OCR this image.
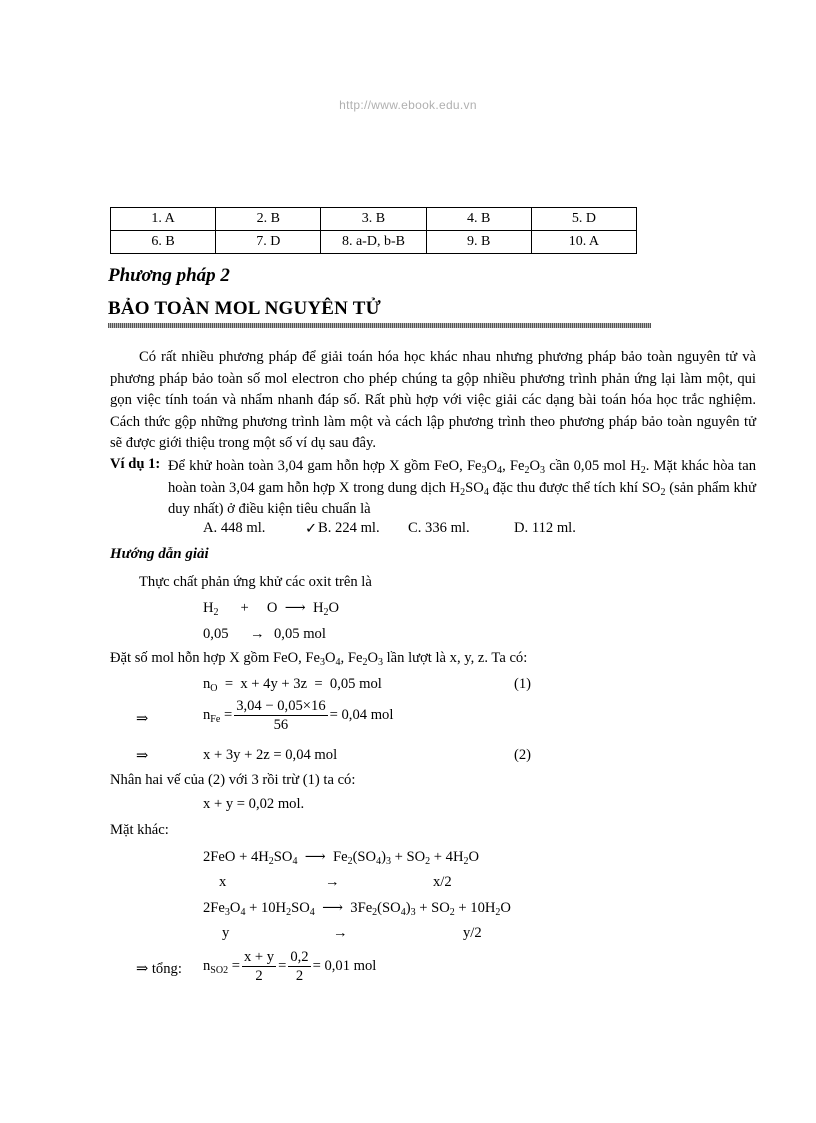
http://www.ebook.edu.vn
1. A	2. B	3. B	4. B	5. D
6. B	7. D	8. a-D, b-B	9. B	10. A
Phương pháp 2
BẢO TOÀN MOL NGUYÊN TỬ
Có rất nhiều phương pháp để giải toán hóa học khác nhau nhưng phương pháp bảo toàn nguyên tử và phương pháp bảo toàn số mol electron cho phép chúng ta gộp nhiều phương trình phản ứng lại làm một, qui gọn việc tính toán và nhẩm nhanh đáp số. Rất phù hợp với việc giải các dạng bài toán hóa học trắc nghiệm. Cách thức gộp những phương trình làm một và cách lập phương trình theo phương pháp bảo toàn nguyên tử sẽ được giới thiệu trong một số ví dụ sau đây.
Ví dụ 1: Để khử hoàn toàn 3,04 gam hỗn hợp X gồm FeO, $Fe_3O_4$, $Fe_2O_3$ cần 0,05 mol $H_2$. Mặt khác hòa tan hoàn toàn 3,04 gam hỗn hợp X trong dung dịch $H_2SO_4$ đặc thu được thể tích khí $SO_2$ (sản phẩm khử duy nhất) ở điều kiện tiêu chuẩn là
A. 448 ml.	✓ B. 224 ml. C. 336 ml.	D. 112 ml.
Hướng dẫn giải
Thực chất phản ứng khử các oxit trên là
$H_2$      +     O  ⟶  $H_2O$
0,05 → 0,05 mol
Đặt số mol hỗn hợp X gồm FeO, $Fe_3O_4$, $Fe_2O_3$ lần lượt là x, y, z. Ta có:
$n_O = x + 4y + 3z = 0,05$ mol	(1)
⇒	$n_{Fe} = \frac{3,04 - 0,05\times 16}{56} = 0,04$ mol
⇒	x + 3y + 2z = 0,04 mol	(2)
Nhân hai vế của (2) với 3 rồi trừ (1) ta có:
x + y = 0,02 mol.
Mặt khác:
$2FeO + 4H_2SO_4$  ⟶  $Fe_2(SO_4)_3 + SO_2 + 4H_2O$
x	→	x/2
$2Fe_3O_4 + 10H_2SO_4$  ⟶  $3Fe_2(SO_4)_3 + SO_2 + 10H_2O$
y	→	y/2
⇒ tổng: $n_{SO2} = \frac{x + y}{2} = \frac{0,2}{2} = 0,01$ mol
